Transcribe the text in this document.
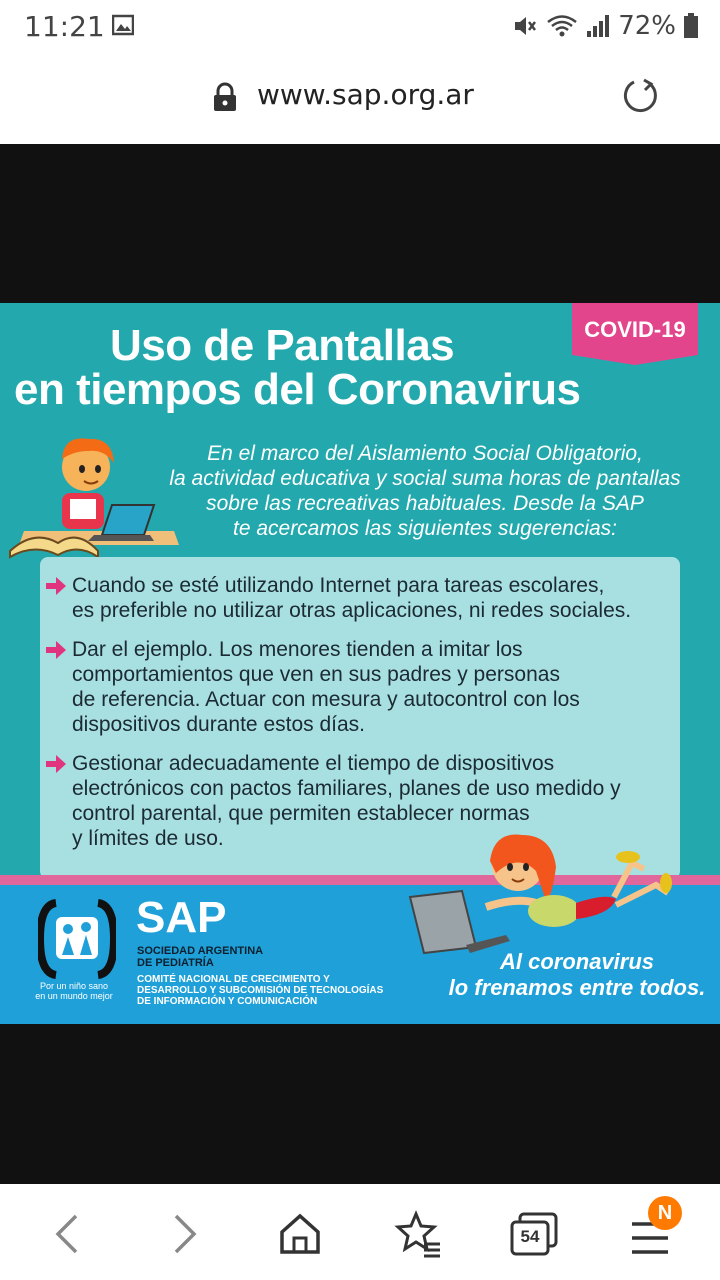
11:21	72%
www.sap.org.ar
Uso de Pantallas
en tiempos del Coronavirus
COVID-19
En el marco del Aislamiento Social Obligatorio,
la actividad educativa y social suma horas de pantallas
sobre las recreativas habituales. Desde la SAP
te acercamos las siguientes sugerencias:
Cuando se esté utilizando Internet para tareas escolares,
es preferible no utilizar otras aplicaciones, ni redes sociales.
Dar el ejemplo. Los menores tienden a imitar los
comportamientos que ven en sus padres y personas
de referencia. Actuar con mesura y autocontrol con los
dispositivos durante estos días.
Gestionar adecuadamente el tiempo de dispositivos
electrónicos con pactos familiares, planes de uso medido y
control parental, que permiten establecer normas
y límites de uso.
Por un niño sano
en un mundo mejor
SAP
SOCIEDAD ARGENTINA
DE PEDIATRÍA
COMITÉ NACIONAL DE CRECIMIENTO Y
DESARROLLO Y SUBCOMISIÓN DE TECNOLOGÍAS
DE INFORMACIÓN Y COMUNICACIÓN
Al coronavirus
lo frenamos entre todos.
54
N
